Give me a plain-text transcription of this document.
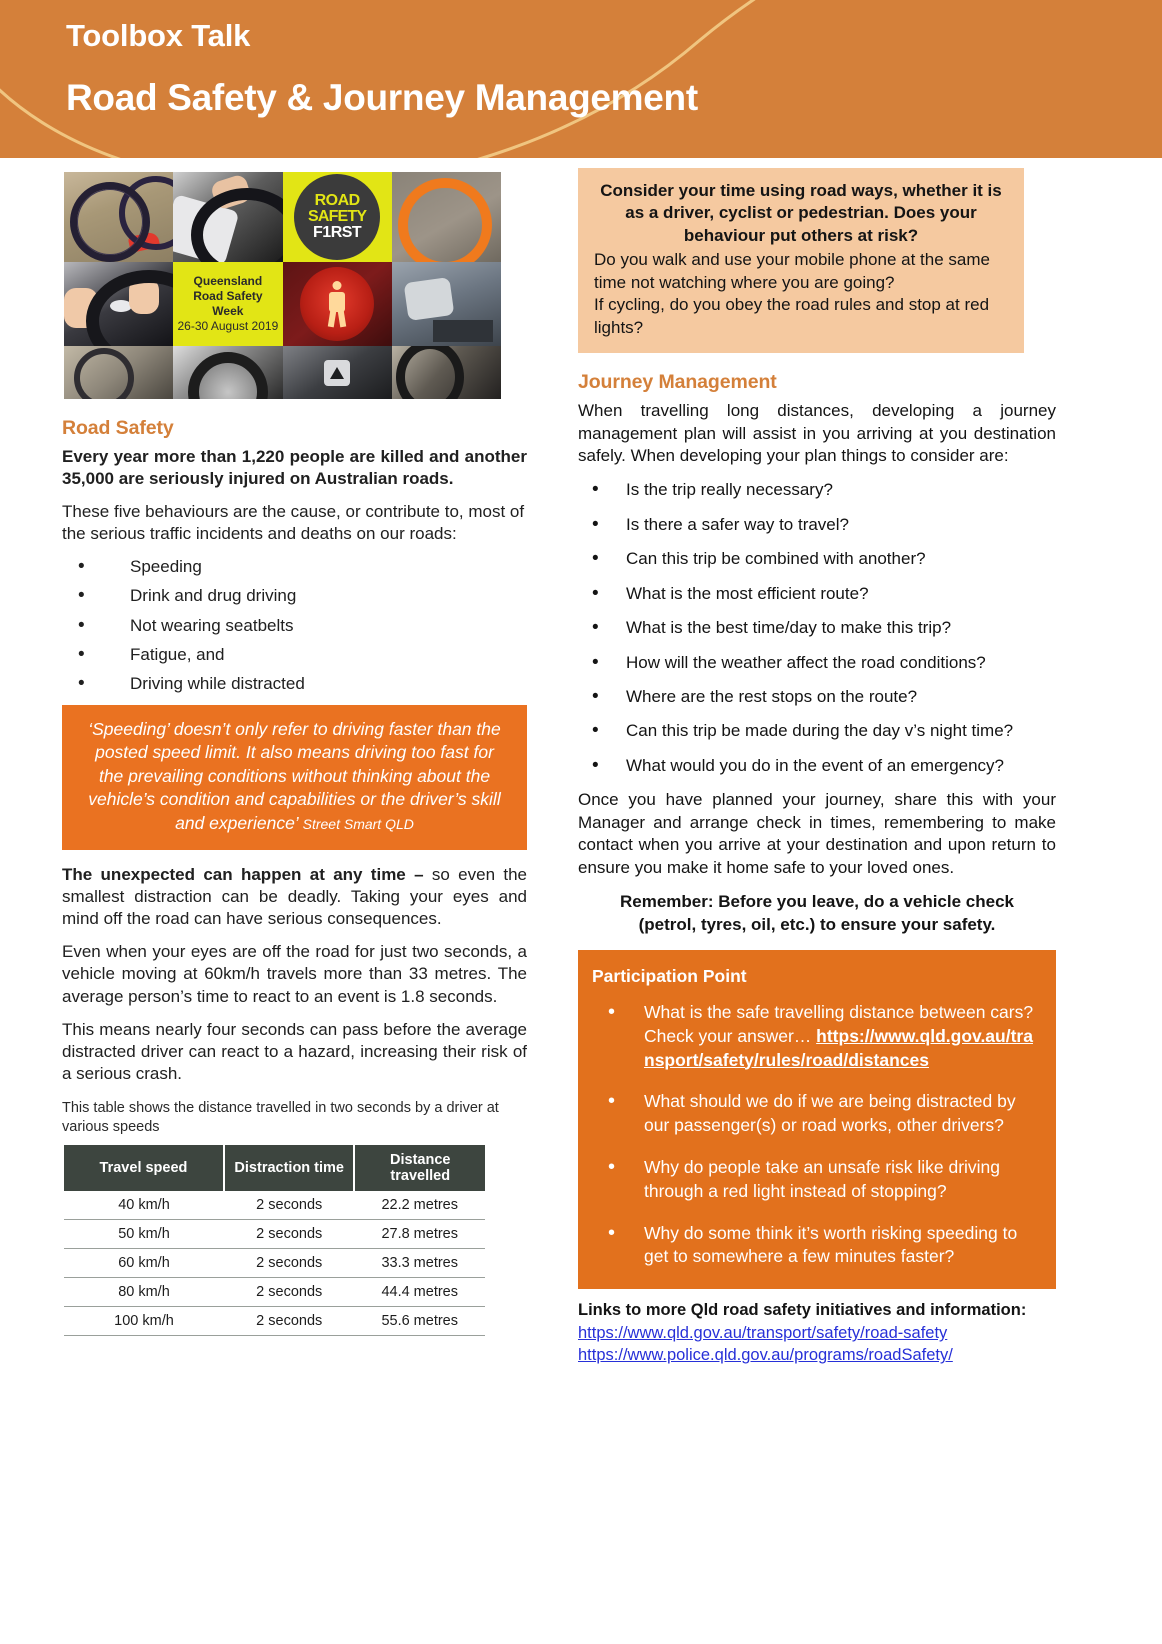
Toolbox Talk
Road Safety & Journey Management
ROAD
SAFETY
F1RST
Queensland
Road Safety Week
26-30 August 2019
Road Safety

Every year more than 1,220 people are killed and another 35,000 are seriously injured on Australian roads.

These five behaviours are the cause, or contribute to, most of the serious traffic incidents and deaths on our roads:

• Speeding
• Drink and drug driving
• Not wearing seatbelts
• Fatigue, and
• Driving while distracted
‘Speeding’ doesn’t only refer to driving faster than the posted speed limit. It also means driving too fast for the prevailing conditions without thinking about the vehicle’s condition and capabilities or the driver’s skill and experience’ Street Smart QLD

The unexpected can happen at any time – so even the smallest distraction can be deadly. Taking your eyes and mind off the road can have serious consequences.

Even when your eyes are off the road for just two seconds, a vehicle moving at 60km/h travels more than 33 metres. The average person’s time to react to an event is 1.8 seconds.

This means nearly four seconds can pass before the average distracted driver can react to a hazard, increasing their risk of a serious crash.

This table shows the distance travelled in two seconds by a driver at various speeds
Travel speed	Distraction time	Distance travelled
40 km/h	2 seconds	22.2 metres
50 km/h	2 seconds	27.8 metres
60 km/h	2 seconds	33.3 metres
80 km/h	2 seconds	44.4 metres
100 km/h	2 seconds	55.6 metres
Consider your time using road ways, whether it is as a driver, cyclist or pedestrian. Does your behaviour put others at risk?
Do you walk and use your mobile phone at the same time not watching where you are going?
If cycling, do you obey the road rules and stop at red lights?
Journey Management

When travelling long distances, developing a journey management plan will assist in you arriving at you destination safely. When developing your plan things to consider are:

• Is the trip really necessary?
• Is there a safer way to travel?
• Can this trip be combined with another?
• What is the most efficient route?
• What is the best time/day to make this trip?
• How will the weather affect the road conditions?
• Where are the rest stops on the route?
• Can this trip be made during the day v’s night time?
• What would you do in the event of an emergency?

Once you have planned your journey, share this with your Manager and arrange check in times, remembering to make contact when you arrive at your destination and upon return to ensure you make it home safe to your loved ones.

Remember: Before you leave, do a vehicle check (petrol, tyres, oil, etc.) to ensure your safety.
Participation Point
• What is the safe travelling distance between cars? Check your answer… https://www.qld.gov.au/transport/safety/rules/road/distances
• What should we do if we are being distracted by our passenger(s) or road works, other drivers?
• Why do people take an unsafe risk like driving through a red light instead of stopping?
• Why do some think it’s worth risking speeding to get to somewhere a few minutes faster?
Links to more Qld road safety initiatives and information:
https://www.qld.gov.au/transport/safety/road-safety
https://www.police.qld.gov.au/programs/roadSafety/
